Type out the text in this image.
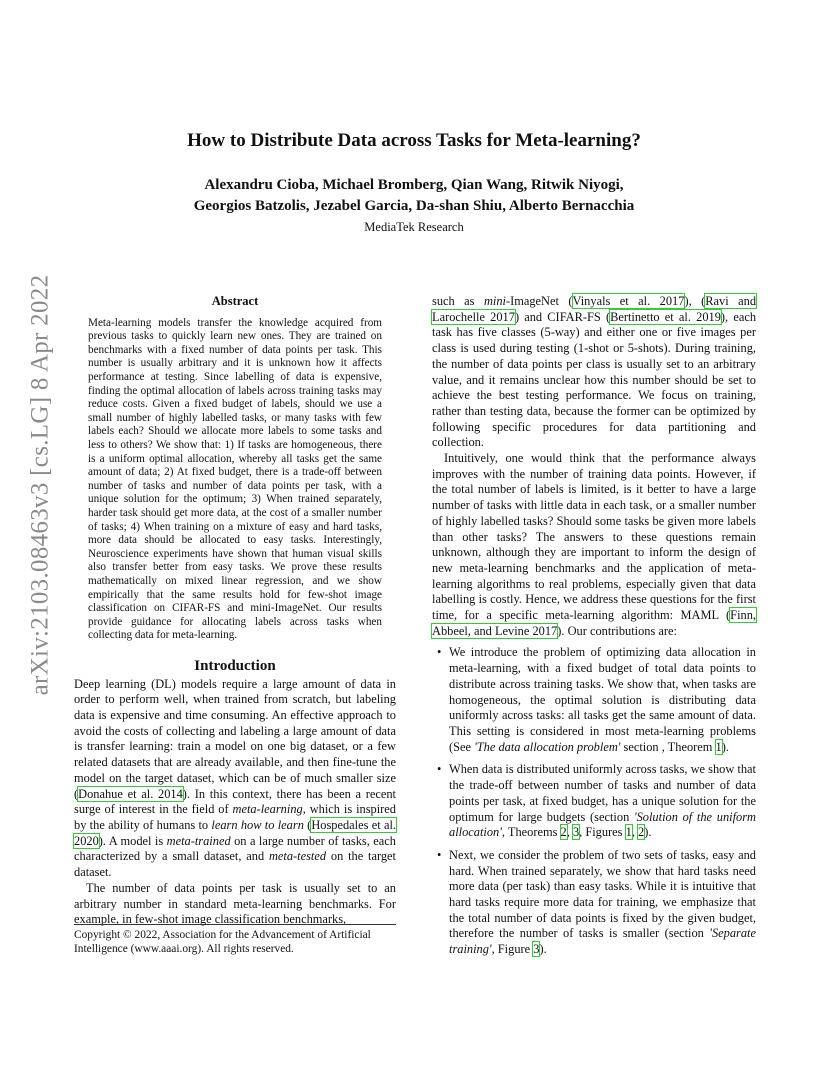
arXiv:2103.08463v3 [cs.LG] 8 Apr 2022
How to Distribute Data across Tasks for Meta-learning?
Alexandru Cioba, Michael Bromberg, Qian Wang, Ritwik Niyogi,
Georgios Batzolis, Jezabel Garcia, Da-shan Shiu, Alberto Bernacchia
MediaTek Research
Abstract

Meta-learning models transfer the knowledge acquired from previous tasks to quickly learn new ones. They are trained on benchmarks with a fixed number of data points per task. This number is usually arbitrary and it is unknown how it affects performance at testing. Since labelling of data is expensive, finding the optimal allocation of labels across training tasks may reduce costs. Given a fixed budget of labels, should we use a small number of highly labelled tasks, or many tasks with few labels each? Should we allocate more labels to some tasks and less to others? We show that: 1) If tasks are homogeneous, there is a uniform optimal allocation, whereby all tasks get the same amount of data; 2) At fixed budget, there is a trade-off between number of tasks and number of data points per task, with a unique solution for the optimum; 3) When trained separately, harder task should get more data, at the cost of a smaller number of tasks; 4) When training on a mixture of easy and hard tasks, more data should be allocated to easy tasks. Interestingly, Neuroscience experiments have shown that human visual skills also transfer better from easy tasks. We prove these results mathematically on mixed linear regression, and we show empirically that the same results hold for few-shot image classification on CIFAR-FS and mini-ImageNet. Our results provide guidance for allocating labels across tasks when collecting data for meta-learning.

Introduction

Deep learning (DL) models require a large amount of data in order to perform well, when trained from scratch, but labeling data is expensive and time consuming. An effective approach to avoid the costs of collecting and labeling a large amount of data is transfer learning: train a model on one big dataset, or a few related datasets that are already available, and then fine-tune the model on the target dataset, which can be of much smaller size (Donahue et al. 2014). In this context, there has been a recent surge of interest in the field of meta-learning, which is inspired by the ability of humans to learn how to learn (Hospedales et al. 2020). A model is meta-trained on a large number of tasks, each characterized by a small dataset, and meta-tested on the target dataset.

The number of data points per task is usually set to an arbitrary number in standard meta-learning benchmarks. For example, in few-shot image classification benchmarks,

Copyright © 2022, Association for the Advancement of Artificial Intelligence (www.aaai.org). All rights reserved.

such as mini-ImageNet (Vinyals et al. 2017), (Ravi and Larochelle 2017) and CIFAR-FS (Bertinetto et al. 2019), each task has five classes (5-way) and either one or five images per class is used during testing (1-shot or 5-shots). During training, the number of data points per class is usually set to an arbitrary value, and it remains unclear how this number should be set to achieve the best testing performance. We focus on training, rather than testing data, because the former can be optimized by following specific procedures for data partitioning and collection.

Intuitively, one would think that the performance always improves with the number of training data points. However, if the total number of labels is limited, is it better to have a large number of tasks with little data in each task, or a smaller number of highly labelled tasks? Should some tasks be given more labels than other tasks? The answers to these questions remain unknown, although they are important to inform the design of new meta-learning benchmarks and the application of meta-learning algorithms to real problems, especially given that data labelling is costly. Hence, we address these questions for the first time, for a specific meta-learning algorithm: MAML (Finn, Abbeel, and Levine 2017). Our contributions are:

• We introduce the problem of optimizing data allocation in meta-learning, with a fixed budget of total data points to distribute across training tasks. We show that, when tasks are homogeneous, the optimal solution is distributing data uniformly across tasks: all tasks get the same amount of data. This setting is considered in most meta-learning problems (See 'The data allocation problem' section , Theorem 1).
• When data is distributed uniformly across tasks, we show that the trade-off between number of tasks and number of data points per task, at fixed budget, has a unique solution for the optimum for large budgets (section 'Solution of the uniform allocation', Theorems 2, 3, Figures 1, 2).
• Next, we consider the problem of two sets of tasks, easy and hard. When trained separately, we show that hard tasks need more data (per task) than easy tasks. While it is intuitive that hard tasks require more data for training, we emphasize that the total number of data points is fixed by the given budget, therefore the number of tasks is smaller (section 'Separate training', Figure 3).
